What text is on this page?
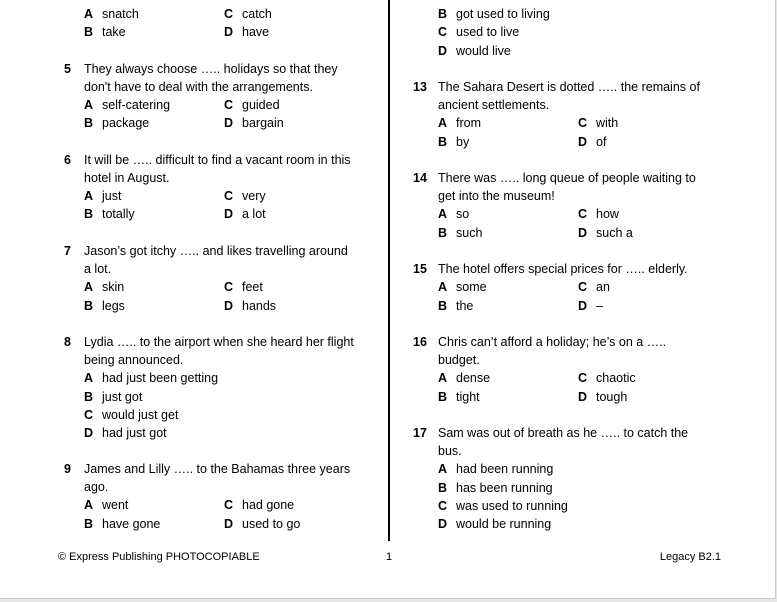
A snatch	C catch
B take	D have
5 They always choose ….. holidays so that they
don't have to deal with the arrangements.
A self-catering	C guided
B package	D bargain
6 It will be ….. difficult to find a vacant room in this
hotel in August.
A just	C very
B totally	D a lot
7 Jason’s got itchy ….. and likes travelling around
a lot.
A skin	C feet
B legs	D hands
8 Lydia ….. to the airport when she heard her flight
being announced.
A had just been getting
B just got
C would just get
D had just got
9 James and Lilly ….. to the Bahamas three years
ago.
A went	C had gone
B have gone	D used to go
B got used to living
C used to live
D would live
13 The Sahara Desert is dotted ….. the remains of
ancient settlements.
A from	C with
B by	D of
14 There was ….. long queue of people waiting to
get into the museum!
A so	C how
B such	D such a
15 The hotel offers special prices for ….. elderly.
A some	C an
B the	D –
16 Chris can’t afford a holiday; he’s on a …..
budget.
A dense	C chaotic
B tight	D tough
17 Sam was out of breath as he ….. to catch the
bus.
A had been running
B has been running
C was used to running
D would be running
© Express Publishing PHOTOCOPIABLE	1	Legacy B2.1
